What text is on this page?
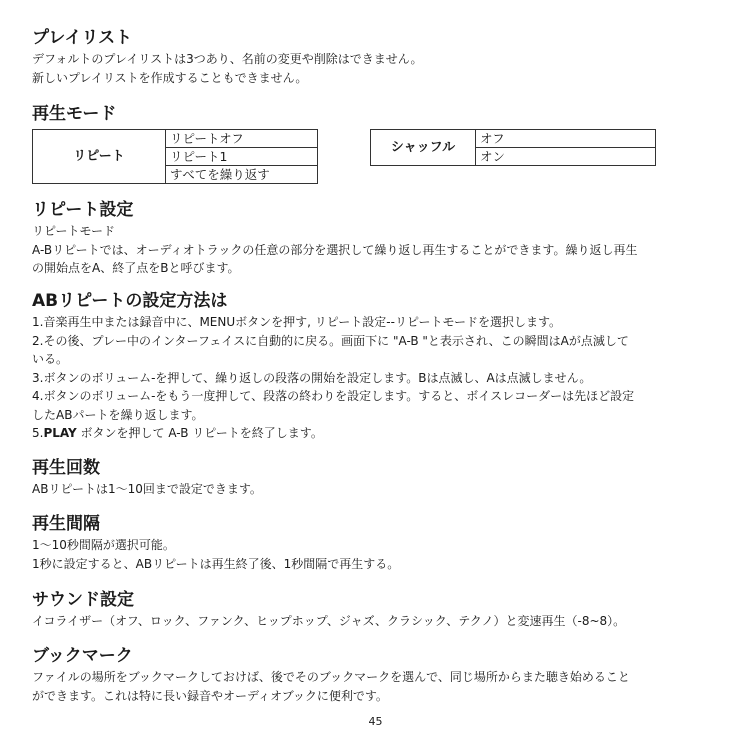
プレイリスト

デフォルトのプレイリストは3つあり、名前の変更や削除はできません。

新しいプレイリストを作成することもできません。

再生モード
リピート	リピートオフ
リピート1
すべてを繰り返す
シャッフル	オフ
オン
リピート設定

リピートモード

A-Bリピートでは、オーディオトラックの任意の部分を選択して繰り返し再生することができます。繰り返し再生

の開始点をA、終了点をBと呼びます。

ABリピートの設定方法は

1.音楽再生中または録音中に、MENUボタンを押す, リピート設定--リピートモードを選択します。

2.その後、プレー中のインターフェイスに自動的に戻る。画面下に "A-B "と表示され、この瞬間はAが点滅して

いる。

3.ボタンのボリューム-を押して、繰り返しの段落の開始を設定します。Bは点滅し、Aは点滅しません。

4.ボタンのボリューム-をもう一度押して、段落の終わりを設定します。すると、ボイスレコーダーは先ほど設定

したABパートを繰り返します。

5.PLAY ボタンを押して A-B リピートを終了します。

再生回数

ABリピートは1〜10回まで設定できます。

再生間隔

1〜10秒間隔が選択可能。

1秒に設定すると、ABリピートは再生終了後、1秒間隔で再生する。

サウンド設定

イコライザー（オフ、ロック、ファンク、ヒップホップ、ジャズ、クラシック、テクノ）と変速再生（-8~8）。

ブックマーク

ファイルの場所をブックマークしておけば、後でそのブックマークを選んで、同じ場所からまた聴き始めること

ができます。これは特に長い録音やオーディオブックに便利です。

45
